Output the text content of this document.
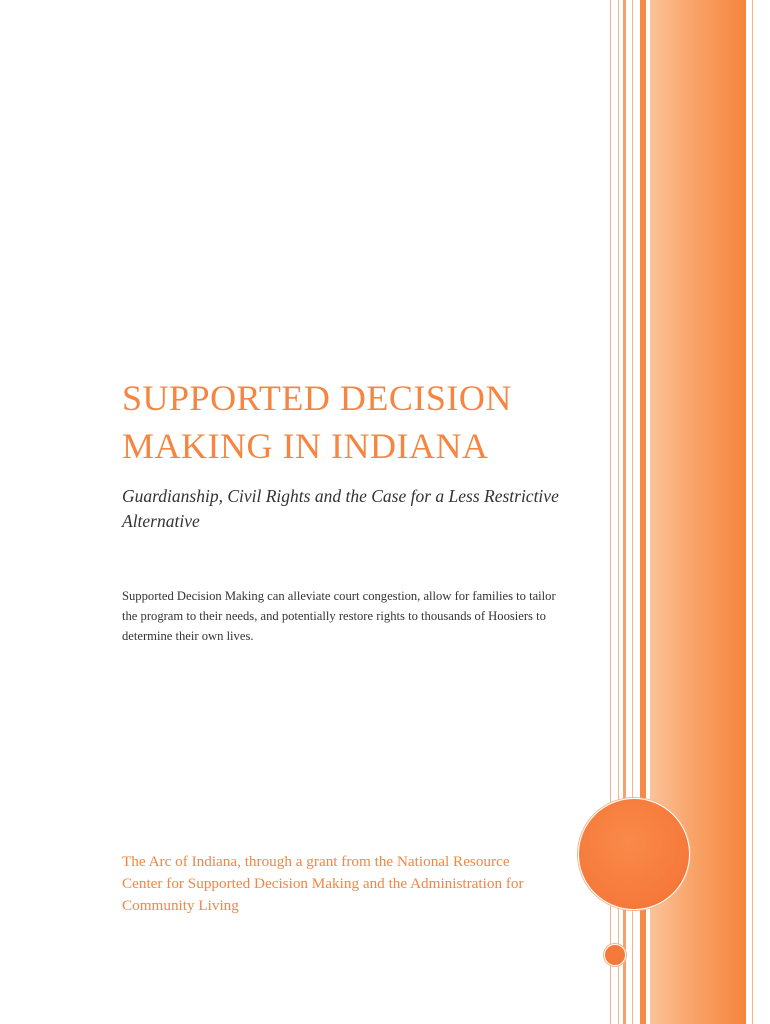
SUPPORTED DECISION MAKING IN INDIANA

Guardianship, Civil Rights and the Case for a Less Restrictive Alternative

Supported Decision Making can alleviate court congestion, allow for families to tailor the program to their needs, and potentially restore rights to thousands of Hoosiers to determine their own lives.

The Arc of Indiana, through a grant from the National Resource Center for Supported Decision Making and the Administration for Community Living
